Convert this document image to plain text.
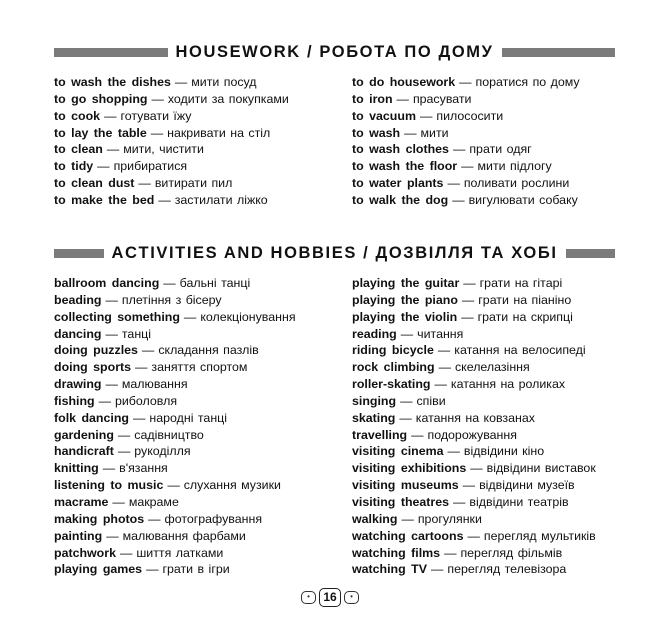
HOUSEWORK / РОБОТА ПО ДОМУ
to wash the dishes — мити посуд
to go shopping — ходити за покупками
to cook — готувати їжу
to lay the table — накривати на стіл
to clean — мити, чистити
to tidy — прибиратися
to clean dust — витирати пил
to make the bed — застилати ліжко
to do housework — поратися по дому
to iron — прасувати
to vacuum — пилососити
to wash — мити
to wash clothes — прати одяг
to wash the floor — мити підлогу
to water plants — поливати рослини
to walk the dog — вигулювати собаку
ACTIVITIES AND HOBBIES / ДОЗВІЛЛЯ ТА ХОБІ
ballroom dancing — бальні танці
beading — плетіння з бісеру
collecting something — колекціонування
dancing — танці
doing puzzles — складання пазлів
doing sports — заняття спортом
drawing — малювання
fishing — риболовля
folk dancing — народні танці
gardening — садівництво
handicraft — рукоділля
knitting — в'язання
listening to music — слухання музики
macrame — макраме
making photos — фотографування
painting — малювання фарбами
patchwork — шиття латками
playing games — грати в ігри
playing the guitar — грати на гітарі
playing the piano — грати на піаніно
playing the violin — грати на скрипці
reading — читання
riding bicycle — катання на велосипеді
rock climbing — скелелазіння
roller-skating — катання на роликах
singing — співи
skating — катання на ковзанах
travelling — подорожування
visiting cinema — відвідини кіно
visiting exhibitions — відвідини виставок
visiting museums — відвідини музеїв
visiting theatres — відвідини театрів
walking — прогулянки
watching cartoons — перегляд мультиків
watching films — перегляд фільмів
watching TV — перегляд телевізора
•	16	•
